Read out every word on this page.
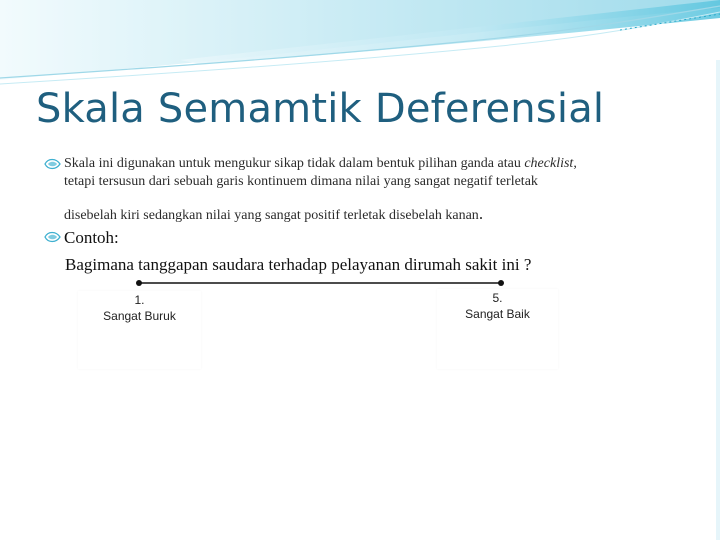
Skala Semamtik Deferensial
Skala ini digunakan untuk mengukur sikap tidak dalam bentuk pilihan ganda atau checklist,
tetapi tersusun dari sebuah garis kontinuem dimana nilai yang sangat negatif terletak
disebelah kiri sedangkan nilai yang sangat positif terletak disebelah kanan.
Contoh:
Bagimana tanggapan saudara terhadap pelayanan dirumah sakit ini ?
1.
Sangat Buruk
5.
Sangat Baik
